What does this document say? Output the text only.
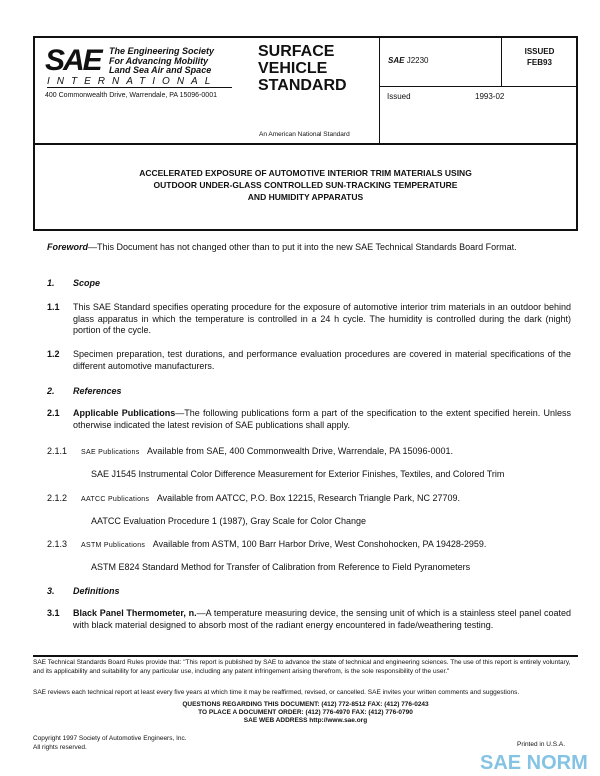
SAE The Engineering Society
For Advancing Mobility
Land Sea Air and Space
INTERNATIONAL
400 Commonwealth Drive, Warrendale, PA 15096-0001
SURFACE
VEHICLE
STANDARD
An American National Standard
SAE J2230
ISSUED
FEB93
Issued	1993-02
ACCELERATED EXPOSURE OF AUTOMOTIVE INTERIOR TRIM MATERIALS USING
OUTDOOR UNDER-GLASS CONTROLLED SUN-TRACKING TEMPERATURE
AND HUMIDITY APPARATUS
Foreword—This Document has not changed other than to put it into the new SAE Technical Standards Board Format.
1. Scope
1.1 This SAE Standard specifies operating procedure for the exposure of automotive interior trim materials in an outdoor behind glass apparatus in which the temperature is controlled in a 24 h cycle. The humidity is controlled during the dark (night) portion of the cycle.
1.2 Specimen preparation, test durations, and performance evaluation procedures are covered in material specifications of the different automotive manufacturers.
2. References
2.1 Applicable Publications—The following publications form a part of the specification to the extent specified herein. Unless otherwise indicated the latest revision of SAE publications shall apply.
2.1.1 SAE Publications Available from SAE, 400 Commonwealth Drive, Warrendale, PA 15096-0001.
SAE J1545 Instrumental Color Difference Measurement for Exterior Finishes, Textiles, and Colored Trim
2.1.2 AATCC Publications Available from AATCC, P.O. Box 12215, Research Triangle Park, NC 27709.
AATCC Evaluation Procedure 1 (1987), Gray Scale for Color Change
2.1.3 ASTM Publications Available from ASTM, 100 Barr Harbor Drive, West Conshohocken, PA 19428-2959.
ASTM E824 Standard Method for Transfer of Calibration from Reference to Field Pyranometers
3. Definitions
3.1 Black Panel Thermometer, n.—A temperature measuring device, the sensing unit of which is a stainless steel panel coated with black material designed to absorb most of the radiant energy encountered in fade/weathering testing.
SAE Technical Standards Board Rules provide that: "This report is published by SAE to advance the state of technical and engineering sciences. The use of this report is entirely voluntary, and its applicability and suitability for any particular use, including any patent infringement arising therefrom, is the sole responsibility of the user."
SAE reviews each technical report at least every five years at which time it may be reaffirmed, revised, or cancelled. SAE invites your written comments and suggestions.
QUESTIONS REGARDING THIS DOCUMENT: (412) 772-8512 FAX: (412) 776-0243
TO PLACE A DOCUMENT ORDER: (412) 776-4970 FAX: (412) 776-0790
SAE WEB ADDRESS http://www.sae.org
Copyright 1997 Society of Automotive Engineers, Inc.
All rights reserved.	Printed in U.S.A.
SAE NORM
